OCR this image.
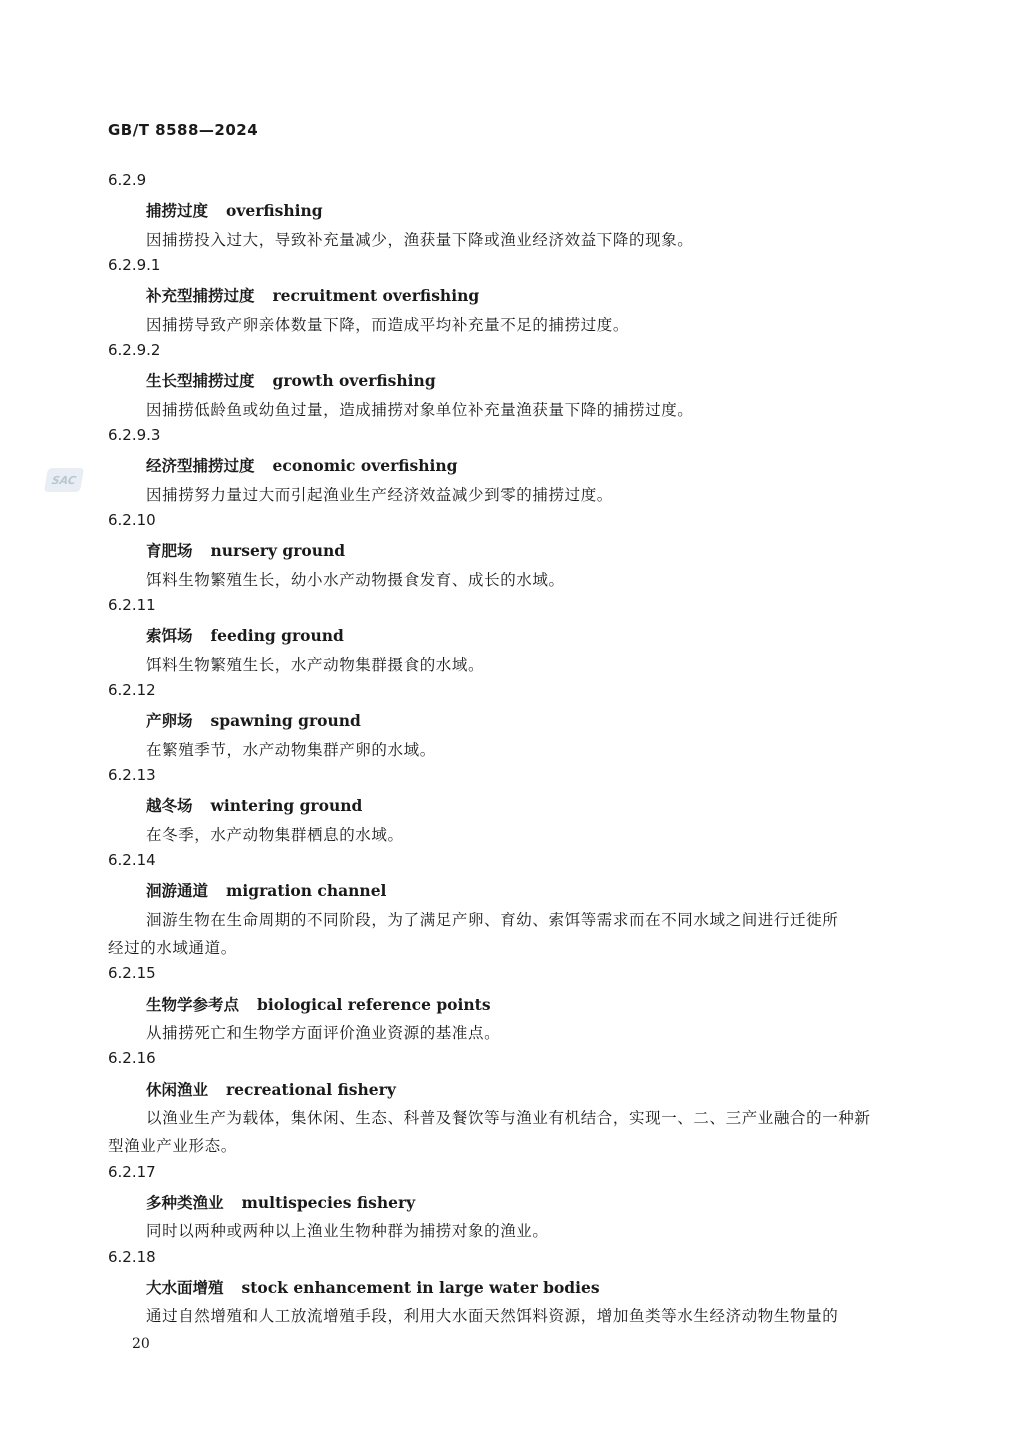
GB/T 8588—2024
SAC
6.2.9
捕捞过度 overfishing
因捕捞投入过大，导致补充量减少，渔获量下降或渔业经济效益下降的现象。
6.2.9.1
补充型捕捞过度 recruitment overfishing
因捕捞导致产卵亲体数量下降，而造成平均补充量不足的捕捞过度。
6.2.9.2
生长型捕捞过度 growth overfishing
因捕捞低龄鱼或幼鱼过量，造成捕捞对象单位补充量渔获量下降的捕捞过度。
6.2.9.3
经济型捕捞过度 economic overfishing
因捕捞努力量过大而引起渔业生产经济效益减少到零的捕捞过度。
6.2.10
育肥场 nursery ground
饵料生物繁殖生长，幼小水产动物摄食发育、成长的水域。
6.2.11
索饵场 feeding ground
饵料生物繁殖生长，水产动物集群摄食的水域。
6.2.12
产卵场 spawning ground
在繁殖季节，水产动物集群产卵的水域。
6.2.13
越冬场 wintering ground
在冬季，水产动物集群栖息的水域。
6.2.14
洄游通道 migration channel
洄游生物在生命周期的不同阶段，为了满足产卵、育幼、索饵等需求而在不同水域之间进行迁徙所
经过的水域通道。
6.2.15
生物学参考点 biological reference points
从捕捞死亡和生物学方面评价渔业资源的基准点。
6.2.16
休闲渔业 recreational fishery
以渔业生产为载体，集休闲、生态、科普及餐饮等与渔业有机结合，实现一、二、三产业融合的一种新
型渔业产业形态。
6.2.17
多种类渔业 multispecies fishery
同时以两种或两种以上渔业生物种群为捕捞对象的渔业。
6.2.18
大水面增殖 stock enhancement in large water bodies
通过自然增殖和人工放流增殖手段，利用大水面天然饵料资源，增加鱼类等水生经济动物生物量的
20
